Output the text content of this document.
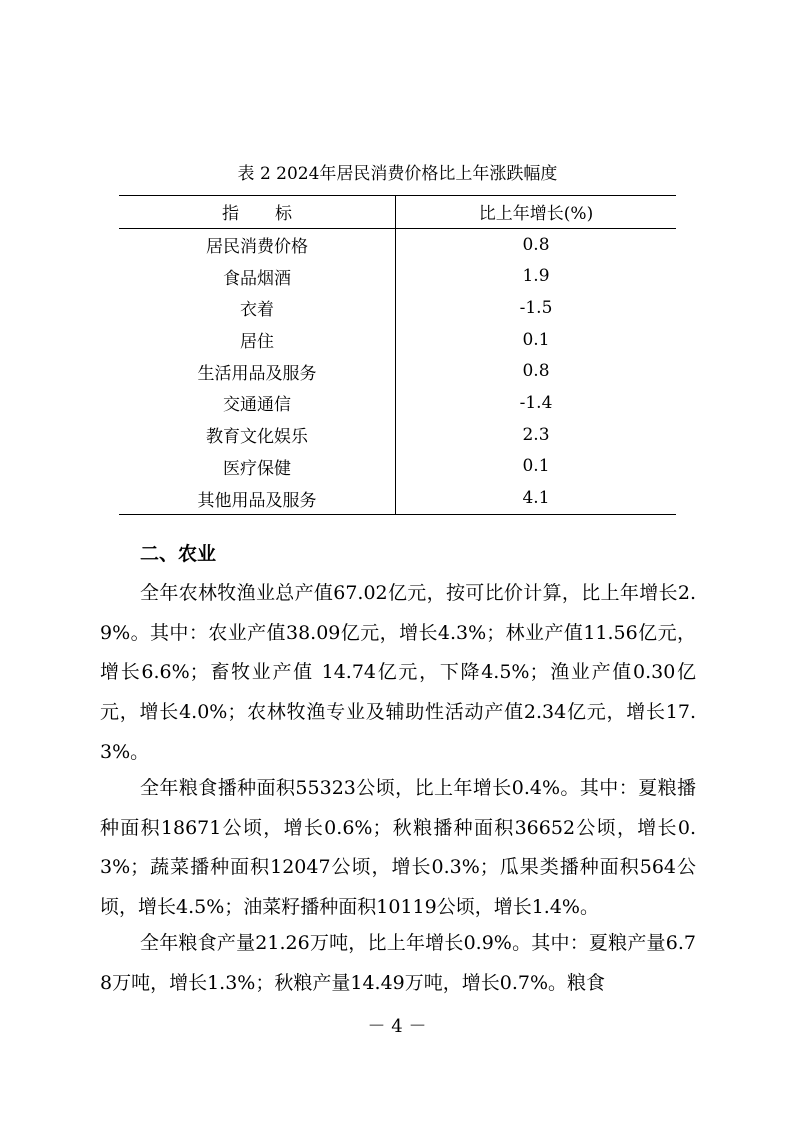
表 2 2024年居民消费价格比上年涨跌幅度
指 标	比上年增长(%)
居民消费价格	0.8
食品烟酒	1.9
衣着	-1.5
居住	0.1
生活用品及服务	0.8
交通通信	-1.4
教育文化娱乐	2.3
医疗保健	0.1
其他用品及服务	4.1
二、农业

全年农林牧渔业总产值67.02亿元，按可比价计算，比上年增长2.9%。其中：农业产值38.09亿元，增长4.3%；林业产值11.56亿元，增长6.6%；畜牧业产值 14.74亿元，下降4.5%；渔业产值0.30亿元，增长4.0%；农林牧渔专业及辅助性活动产值2.34亿元，增长17.3%。

全年粮食播种面积55323公顷，比上年增长0.4%。其中：夏粮播种面积18671公顷，增长0.6%；秋粮播种面积36652公顷，增长0.3%；蔬菜播种面积12047公顷，增长0.3%；瓜果类播种面积564公顷，增长4.5%；油菜籽播种面积10119公顷，增长1.4%。

全年粮食产量21.26万吨，比上年增长0.9%。其中：夏粮产量6.78万吨，增长1.3%；秋粮产量14.49万吨，增长0.7%。粮食

－ 4 －
